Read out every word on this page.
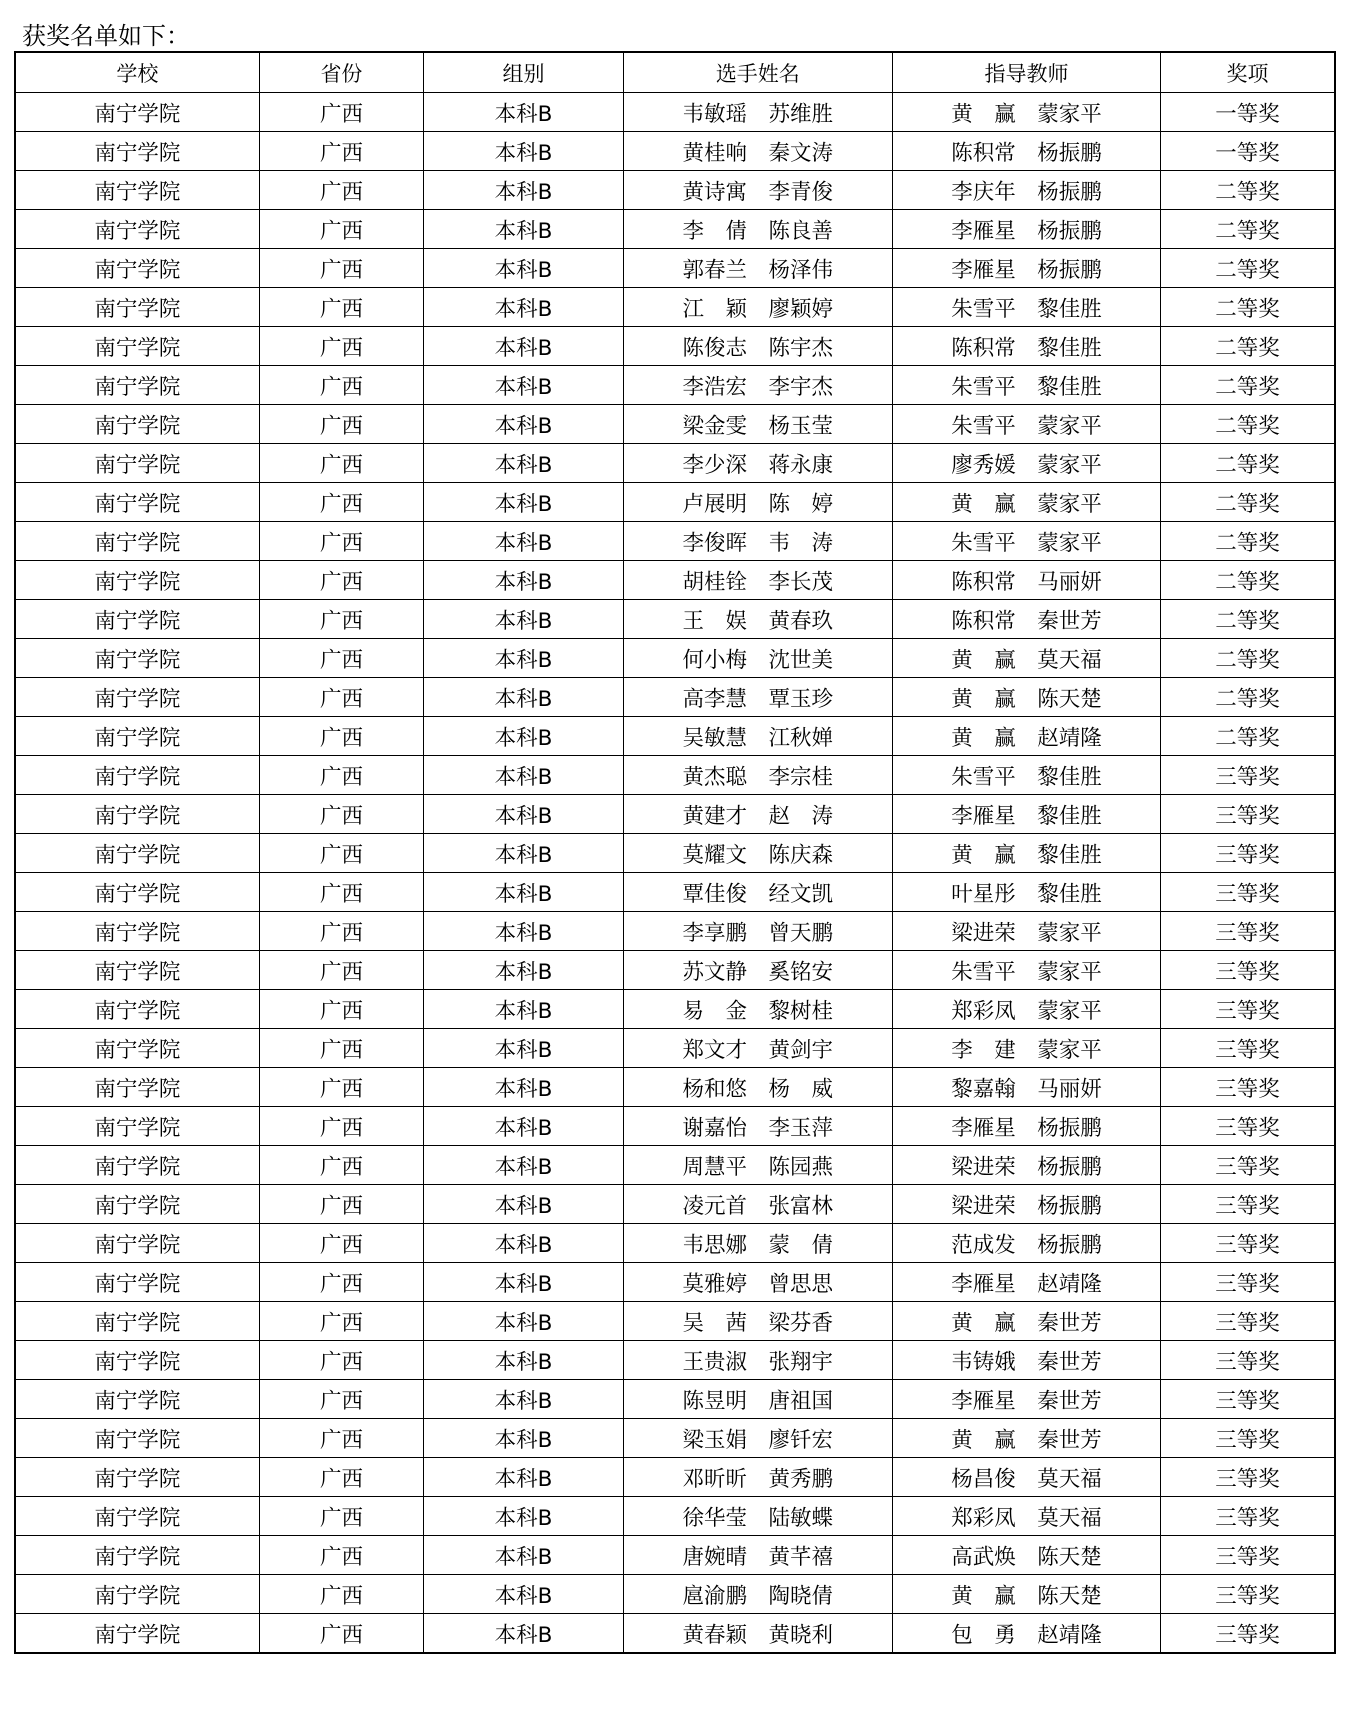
获奖名单如下：
学校	省份	组别	选手姓名	指导教师	奖项
南宁学院	广西	本科B	韦敏瑶　苏维胜	黄　赢　蒙家平	一等奖
南宁学院	广西	本科B	黄桂响　秦文涛	陈积常　杨振鹏	一等奖
南宁学院	广西	本科B	黄诗寓　李青俊	李庆年　杨振鹏	二等奖
南宁学院	广西	本科B	李　倩　陈良善	李雁星　杨振鹏	二等奖
南宁学院	广西	本科B	郭春兰　杨泽伟	李雁星　杨振鹏	二等奖
南宁学院	广西	本科B	江　颖　廖颖婷	朱雪平　黎佳胜	二等奖
南宁学院	广西	本科B	陈俊志　陈宇杰	陈积常　黎佳胜	二等奖
南宁学院	广西	本科B	李浩宏　李宇杰	朱雪平　黎佳胜	二等奖
南宁学院	广西	本科B	梁金雯　杨玉莹	朱雪平　蒙家平	二等奖
南宁学院	广西	本科B	李少深　蒋永康	廖秀媛　蒙家平	二等奖
南宁学院	广西	本科B	卢展明　陈　婷	黄　赢　蒙家平	二等奖
南宁学院	广西	本科B	李俊晖　韦　涛	朱雪平　蒙家平	二等奖
南宁学院	广西	本科B	胡桂铨　李长茂	陈积常　马丽妍	二等奖
南宁学院	广西	本科B	王　娱　黄春玖	陈积常　秦世芳	二等奖
南宁学院	广西	本科B	何小梅　沈世美	黄　赢　莫天福	二等奖
南宁学院	广西	本科B	高李慧　覃玉珍	黄　赢　陈天楚	二等奖
南宁学院	广西	本科B	吴敏慧　江秋婵	黄　赢　赵靖隆	二等奖
南宁学院	广西	本科B	黄杰聪　李宗桂	朱雪平　黎佳胜	三等奖
南宁学院	广西	本科B	黄建才　赵　涛	李雁星　黎佳胜	三等奖
南宁学院	广西	本科B	莫耀文　陈庆森	黄　赢　黎佳胜	三等奖
南宁学院	广西	本科B	覃佳俊　经文凯	叶星彤　黎佳胜	三等奖
南宁学院	广西	本科B	李享鹏　曾天鹏	梁进荣　蒙家平	三等奖
南宁学院	广西	本科B	苏文静　奚铭安	朱雪平　蒙家平	三等奖
南宁学院	广西	本科B	易　金　黎树桂	郑彩凤　蒙家平	三等奖
南宁学院	广西	本科B	郑文才　黄剑宇	李　建　蒙家平	三等奖
南宁学院	广西	本科B	杨和悠　杨　威	黎嘉翰　马丽妍	三等奖
南宁学院	广西	本科B	谢嘉怡　李玉萍	李雁星　杨振鹏	三等奖
南宁学院	广西	本科B	周慧平　陈园燕	梁进荣　杨振鹏	三等奖
南宁学院	广西	本科B	凌元首　张富林	梁进荣　杨振鹏	三等奖
南宁学院	广西	本科B	韦思娜　蒙　倩	范成发　杨振鹏	三等奖
南宁学院	广西	本科B	莫雅婷　曾思思	李雁星　赵靖隆	三等奖
南宁学院	广西	本科B	吴　茜　梁芬香	黄　赢　秦世芳	三等奖
南宁学院	广西	本科B	王贵淑　张翔宇	韦铸娥　秦世芳	三等奖
南宁学院	广西	本科B	陈昱明　唐祖国	李雁星　秦世芳	三等奖
南宁学院	广西	本科B	梁玉娟　廖钎宏	黄　赢　秦世芳	三等奖
南宁学院	广西	本科B	邓昕昕　黄秀鹏	杨昌俊　莫天福	三等奖
南宁学院	广西	本科B	徐华莹　陆敏蝶	郑彩凤　莫天福	三等奖
南宁学院	广西	本科B	唐婉晴　黄芊禧	高武焕　陈天楚	三等奖
南宁学院	广西	本科B	扈渝鹏　陶晓倩	黄　赢　陈天楚	三等奖
南宁学院	广西	本科B	黄春颖　黄晓利	包　勇　赵靖隆	三等奖
